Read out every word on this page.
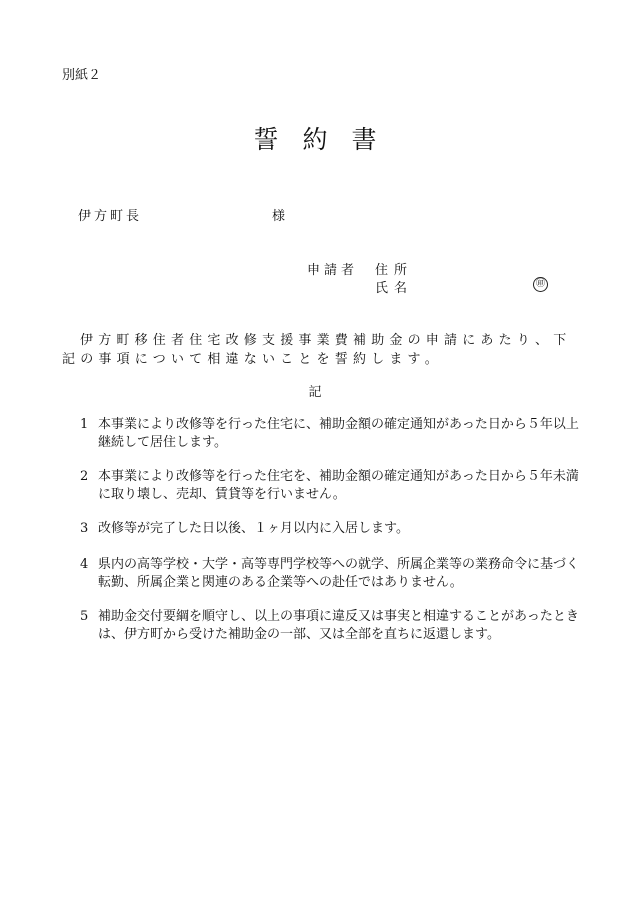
別紙２
誓約書
伊方町長	様
申請者 住所
氏名	㊞
伊方町移住者住宅改修支援事業費補助金の申請にあたり、下記の事項について相違ないことを誓約します。
記
1 本事業により改修等を行った住宅に、補助金額の確定通知があった日から５年以上継続して居住します。
2 本事業により改修等を行った住宅を、補助金額の確定通知があった日から５年未満に取り壊し、売却、賃貸等を行いません。
3 改修等が完了した日以後、１ヶ月以内に入居します。
4 県内の高等学校・大学・高等専門学校等への就学、所属企業等の業務命令に基づく転勤、所属企業と関連のある企業等への赴任ではありません。
5 補助金交付要綱を順守し、以上の事項に違反又は事実と相違することがあったときは、伊方町から受けた補助金の一部、又は全部を直ちに返還します。
